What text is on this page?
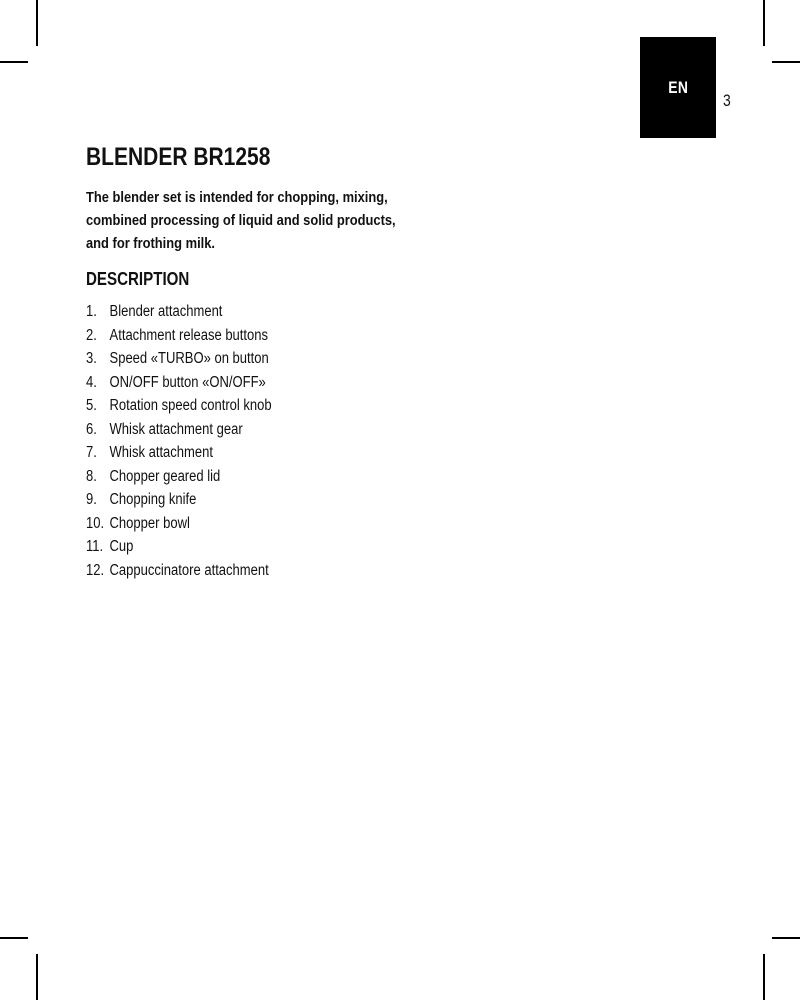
EN
3
BLENDER BR1258
The blender set is intended for chopping, mixing,
combined processing of liquid and solid products,
and for frothing milk.
DESCRIPTION
1. Blender attachment
2. Attachment release buttons
3. Speed «TURBO» on button
4. ON/OFF button «ON/OFF»
5. Rotation speed control knob
6. Whisk attachment gear
7. Whisk attachment
8. Chopper geared lid
9. Chopping knife
10. Chopper bowl
11. Cup
12. Cappuccinatore attachment
